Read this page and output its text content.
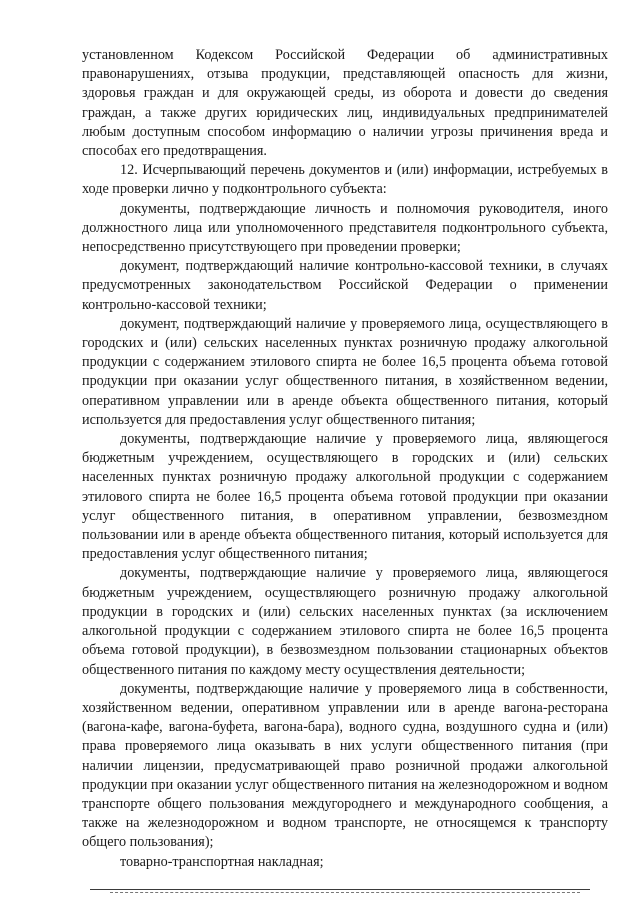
установленном Кодексом Российской Федерации об административных правонарушениях, отзыва продукции, представляющей опасность для жизни, здоровья граждан и для окружающей среды, из оборота и довести до сведения граждан, а также других юридических лиц, индивидуальных предпринимателей любым доступным способом информацию о наличии угрозы причинения вреда и способах его предотвращения.

12. Исчерпывающий перечень документов и (или) информации, истребуемых в ходе проверки лично у подконтрольного субъекта:

документы, подтверждающие личность и полномочия руководителя, иного должностного лица или уполномоченного представителя подконтрольного субъекта, непосредственно присутствующего при проведении проверки;

документ, подтверждающий наличие контрольно-кассовой техники, в случаях предусмотренных законодательством Российской Федерации о применении контрольно-кассовой техники;

документ, подтверждающий наличие у проверяемого лица, осуществляющего в городских и (или) сельских населенных пунктах розничную продажу алкогольной продукции с содержанием этилового спирта не более 16,5 процента объема готовой продукции при оказании услуг общественного питания, в хозяйственном ведении, оперативном управлении или в аренде объекта общественного питания, который используется для предоставления услуг общественного питания;

документы, подтверждающие наличие у проверяемого лица, являющегося бюджетным учреждением, осуществляющего в городских и (или) сельских населенных пунктах розничную продажу алкогольной продукции с содержанием этилового спирта не более 16,5 процента объема готовой продукции при оказании услуг общественного питания, в оперативном управлении, безвозмездном пользовании или в аренде объекта общественного питания, который используется для предоставления услуг общественного питания;

документы, подтверждающие наличие у проверяемого лица, являющегося бюджетным учреждением, осуществляющего розничную продажу алкогольной продукции в городских и (или) сельских населенных пунктах (за исключением алкогольной продукции с содержанием этилового спирта не более 16,5 процента объема готовой продукции), в безвозмездном пользовании стационарных объектов общественного питания по каждому месту осуществления деятельности;

документы, подтверждающие наличие у проверяемого лица в собственности, хозяйственном ведении, оперативном управлении или в аренде вагона-ресторана (вагона-кафе, вагона-буфета, вагона-бара), водного судна, воздушного судна и (или) права проверяемого лица оказывать в них услуги общественного питания (при наличии лицензии, предусматривающей право розничной продажи алкогольной продукции при оказании услуг общественного питания на железнодорожном и водном транспорте общего пользования междугороднего и международного сообщения, а также на железнодорожном и водном транспорте, не относящемся к транспорту общего пользования);

товарно-транспортная накладная;
